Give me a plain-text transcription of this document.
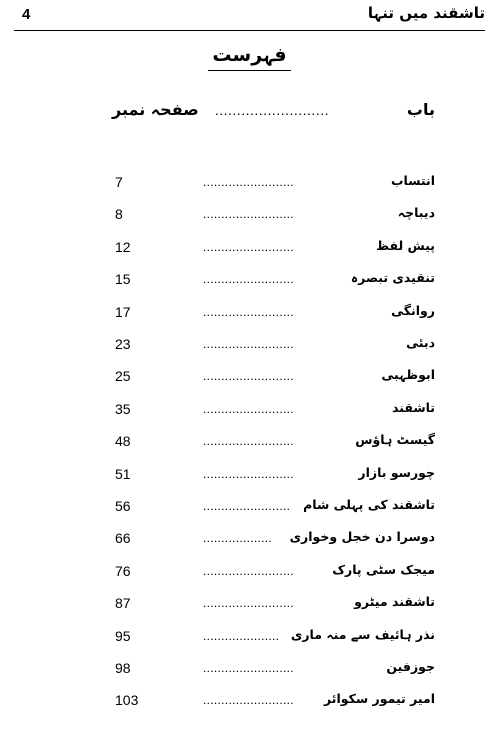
4	تاشقند میں تنہا
فہرست
باب
..........................
صفحہ نمبر
انتساب
.........................
7
دیباچہ
.........................
8
پیش لفظ
.........................
12
تنقیدی تبصرہ
.........................
15
روانگی
.........................
17
دبئی
.........................
23
ابوظہبی
.........................
25
تاشقند
.........................
35
گیسٹ ہاؤس
.........................
48
چورسو بازار
.........................
51
تاشقند کی پہلی شام
........................
56
دوسرا دن خجل وخواری
...................
66
میجک سٹی پارک
.........................
76
تاشقند میٹرو
.........................
87
نذر ہائیف سے منہ ماری
.....................
95
جوزفین
.........................
98
امیر تیمور سکوائر
.........................
103
